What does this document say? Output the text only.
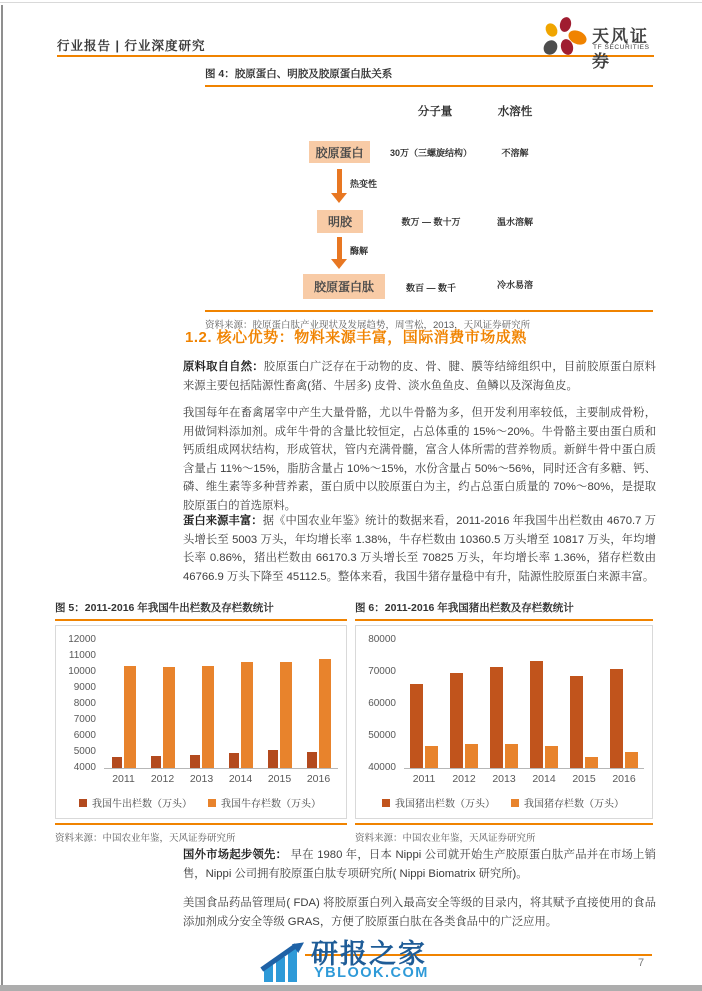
行业报告 | 行业深度研究	天风证券
TF SECURITIES
图 4：胶原蛋白、明胶及胶原蛋白肽关系
分子量	水溶性
胶原蛋白	30万（三螺旋结构）	不溶解
热变性
明胶	数万 — 数十万	温水溶解
酶解
胶原蛋白肽	数百 — 数千	冷水易溶
资料来源：胶原蛋白肽产业现状及发展趋势，周雪松，2013，天风证券研究所
1.2. 核心优势：物料来源丰富，国际消费市场成熟
原料取自自然：胶原蛋白广泛存在于动物的皮、骨、腱、膜等结缔组织中，目前胶原蛋白原料来源主要包括陆源性畜禽(猪、牛居多) 皮骨、淡水鱼鱼皮、鱼鳞以及深海鱼皮。
我国每年在畜禽屠宰中产生大量骨骼，尤以牛骨骼为多，但开发利用率较低，主要制成骨粉，用做饲料添加剂。成年牛骨的含量比较恒定，占总体重的 15%～20%。牛骨骼主要由蛋白质和钙质组成网状结构，形成管状，管内充满骨髓，富含人体所需的营养物质。新鲜牛骨中蛋白质含量占 11%～15%，脂肪含量占 10%～15%，水份含量占 50%～56%，同时还含有多糖、钙、磷、维生素等多种营养素，蛋白质中以胶原蛋白为主，约占总蛋白质量的 70%～80%，是提取胶原蛋白的首选原料。
蛋白来源丰富：据《中国农业年鉴》统计的数据来看，2011-2016 年我国牛出栏数由 4670.7 万头增长至 5003 万头，年均增长率 1.38%，牛存栏数由 10360.5 万头增至 10817 万头，年均增长率 0.86%，猪出栏数由 66170.3 万头增长至 70825 万头，年均增长率 1.36%，猪存栏数由 46766.9 万头下降至 45112.5。整体来看，我国牛猪存量稳中有升，陆源性胶原蛋白来源丰富。
图 5：2011-2016 年我国牛出栏数及存栏数统计
12000
11000
10000
9000
8000
7000
6000
5000
4000
2011	2012	2013	2014	2015	2016
我国牛出栏数（万头）	我国牛存栏数（万头）
资料来源：中国农业年鉴，天风证券研究所
图 6：2011-2016 年我国猪出栏数及存栏数统计
80000
70000
60000
50000
40000
2011	2012	2013	2014	2015	2016
我国猪出栏数（万头）	我国猪存栏数（万头）
资料来源：中国农业年鉴，天风证券研究所
国外市场起步领先： 早在 1980 年，日本 Nippi 公司就开始生产胶原蛋白肽产品并在市场上销售，Nippi 公司拥有胶原蛋白肽专项研究所( Nippi Biomatrix 研究所)。
美国食品药品管理局( FDA) 将胶原蛋白列入最高安全等级的目录内，将其赋予直接使用的食品添加剂成分安全等级 GRAS，方便了胶原蛋白肽在各类食品中的广泛应用。
研报之家
YBLOOK.COM
7
